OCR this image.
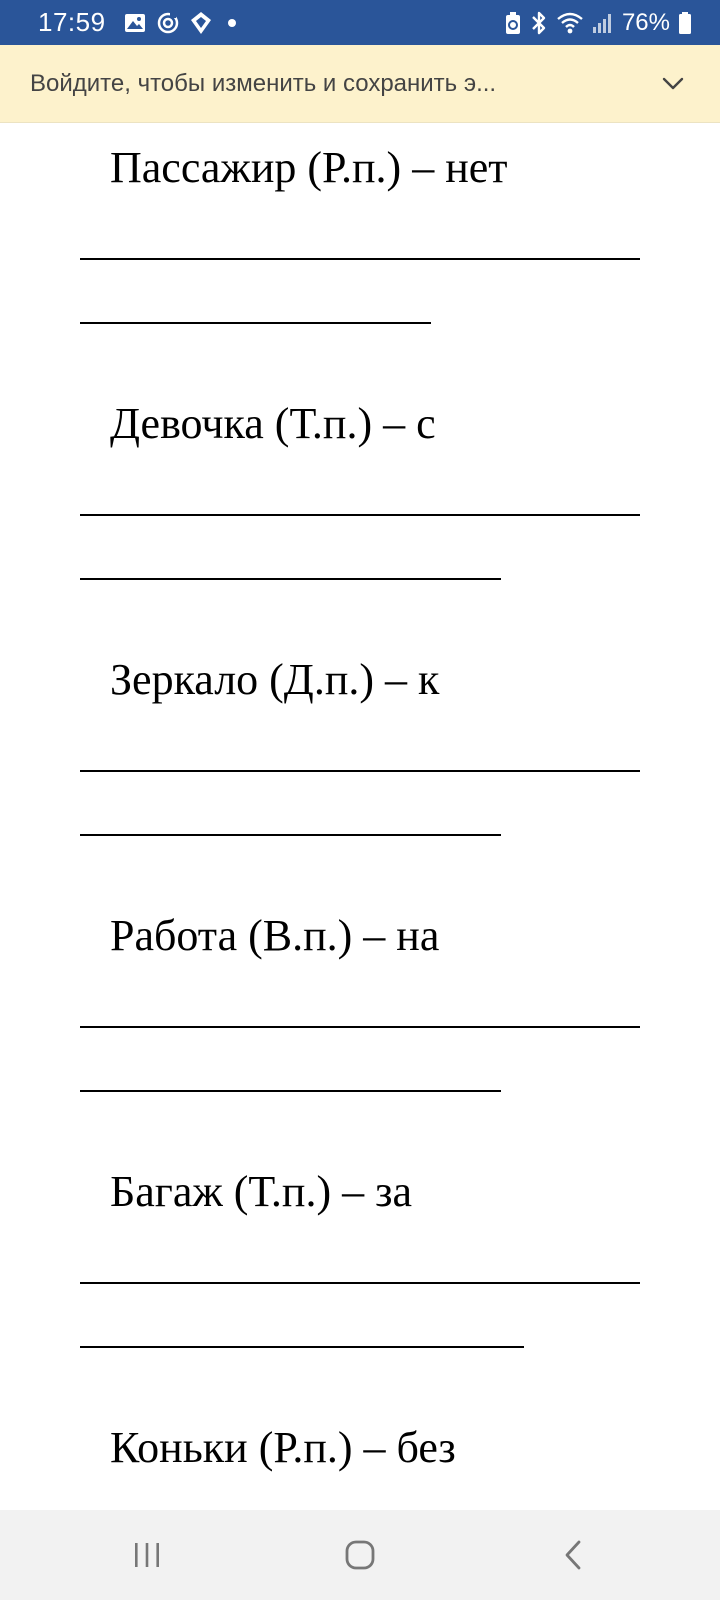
17:59	76%
Войдите, чтобы изменить и сохранить э...
Пассажир (Р.п.) – нет
Девочка (Т.п.) – с
Зеркало (Д.п.) – к
Работа (В.п.) – на
Багаж (Т.п.) – за
Коньки (Р.п.) – без
